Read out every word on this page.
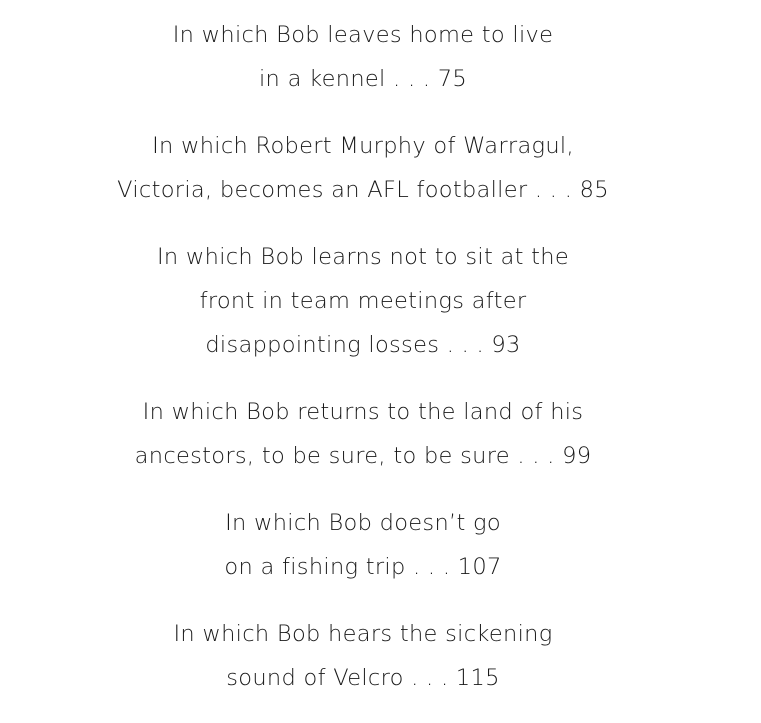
In which Bob leaves home to live
in a kennel . . . 75
In which Robert Murphy of Warragul,
Victoria, becomes an AFL footballer . . . 85
In which Bob learns not to sit at the
front in team meetings after
disappointing losses . . . 93
In which Bob returns to the land of his
ancestors, to be sure, to be sure . . . 99
In which Bob doesn’t go
on a fishing trip . . . 107
In which Bob hears the sickening
sound of Velcro . . . 115
